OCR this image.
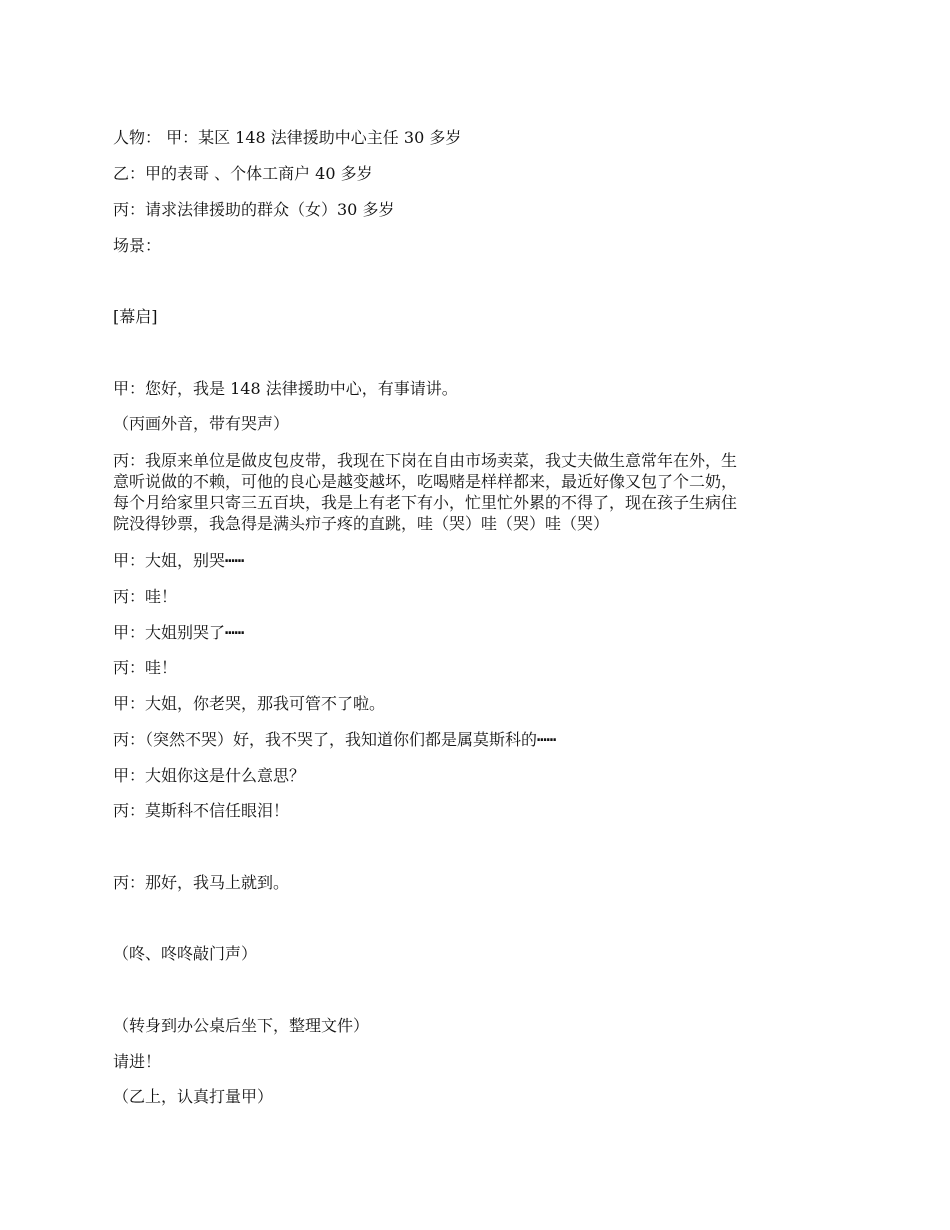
人物： 甲：某区 148 法律援助中心主任 30 多岁
乙：甲的表哥 、个体工商户 40 多岁
丙：请求法律援助的群众（女）30 多岁
场景：
[幕启]
甲：您好，我是 148 法律援助中心，有事请讲。
（丙画外音，带有哭声）
丙：我原来单位是做皮包皮带，我现在下岗在自由市场卖菜，我丈夫做生意常年在外，生
意听说做的不赖，可他的良心是越变越坏，吃喝赌是样样都来，最近好像又包了个二奶，
每个月给家里只寄三五百块，我是上有老下有小，忙里忙外累的不得了，现在孩子生病住
院没得钞票，我急得是满头疖子疼的直跳，哇（哭）哇（哭）哇（哭）
甲：大姐，别哭┅┅
丙：哇！
甲：大姐别哭了┅┅
丙：哇！
甲：大姐，你老哭，那我可管不了啦。
丙：（突然不哭）好，我不哭了，我知道你们都是属莫斯科的┅┅
甲：大姐你这是什么意思？
丙：莫斯科不信任眼泪！
丙：那好，我马上就到。
（咚、咚咚敲门声）
（转身到办公桌后坐下，整理文件）
请进！
（乙上，认真打量甲）
